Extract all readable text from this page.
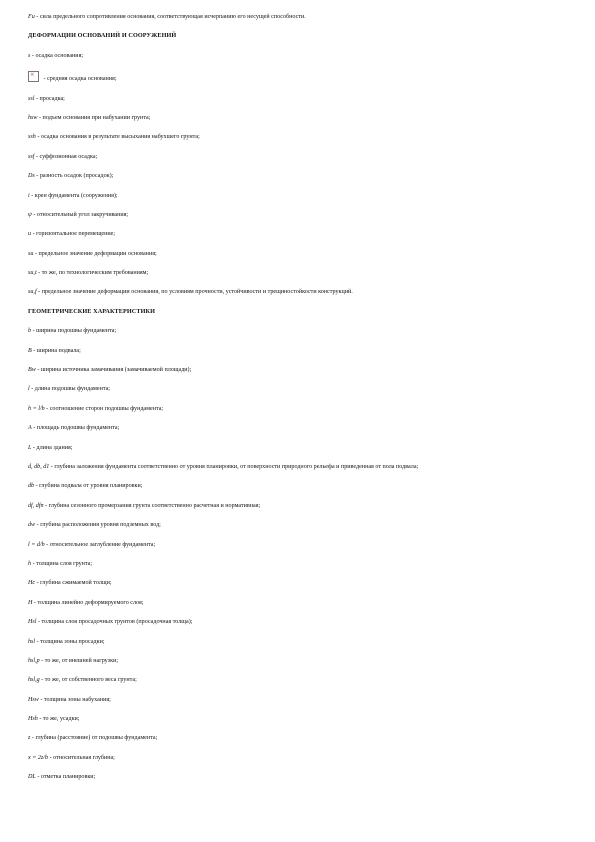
Fu - сила предельного сопротивления основания, соответствующая исчерпанию его несущей способности.
ДЕФОРМАЦИИ ОСНОВАНИЙ И СООРУЖЕНИЙ
s - осадка основания;
× - средняя осадка основания;
ssl - просадка;
hsw - подъем основания при набухании грунта;
ssh - осадка основания в результате высыхания набухшего грунта;
ssf - суффозионная осадка;
Ds - разность осадок (просадок);
i - крен фундамента (сооружения);
ψ - относительный угол закручивания;
u - горизонтальное перемещение;
su - предельное значение деформации основания;
su,t - то же, по технологическим требованиям;
su,f - предельное значение деформации основания, по условиям прочности, устойчивости и трещиностойкости конструкций.
ГЕОМЕТРИЧЕСКИЕ ХАРАКТЕРИСТИКИ
b - ширина подошвы фундамента;
B - ширина подвала;
Bw - ширина источника замачивания (замачиваемой площади);
l - длина подошвы фундамента;
h = l/b - соотношение сторон подошвы фундамента;
A - площадь подошвы фундамента;
L - длина здания;
d, db, d1 - глубина заложения фундамента соответственно от уровня планировки, от поверхности природного рельефа и приведенная от пола подвала;
db - глубина подвала от уровня планировки;
df, dfn - глубина сезонного промерзания грунта соответственно расчетная и нормативная;
dw - глубина расположения уровня подземных вод;
l = d/b - относительное заглубление фундамента;
h - толщина слоя грунта;
Hc - глубина сжимаемой толщи;
H - толщина линейно деформируемого слоя;
Hsl - толщина слоя просадочных грунтов (просадочная толща);
hsl - толщина зоны просадки;
hsl,p - то же, от внешней нагрузки;
hsl,g - то же, от собственного веса грунта;
Hsw - толщина зоны набухания;
Hsh - то же, усадки;
z - глубина (расстояние) от подошвы фундамента;
x = 2z/b - относительная глубина;
DL - отметка планировки;
